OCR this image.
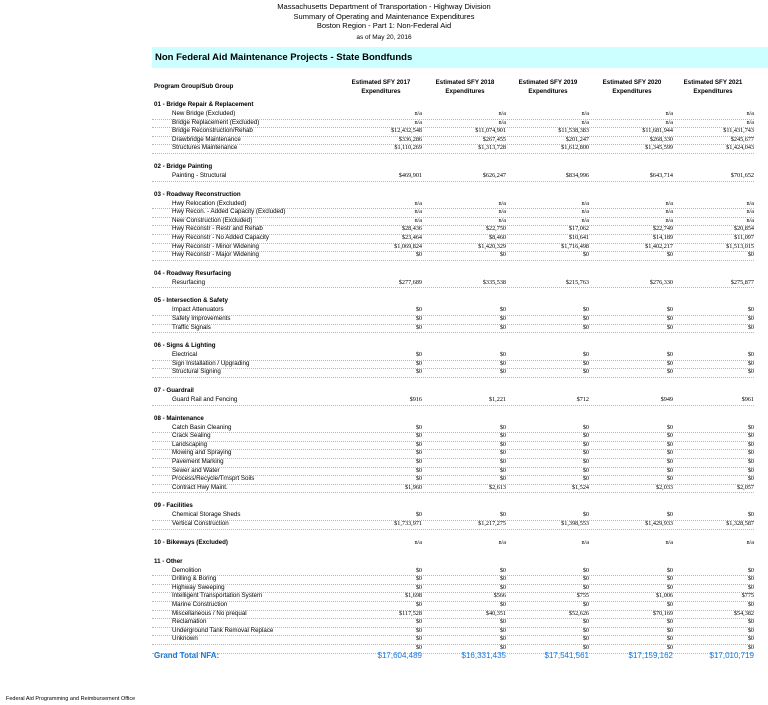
Massachusetts Department of Transportation - Highway Division
Summary of Operating and Maintenance Expenditures
Boston Region - Part 1: Non-Federal Aid
as of May 20, 2016
Non Federal Aid Maintenance Projects - State Bondfunds
Program Group/Sub Group
Estimated SFY 2017
Expenditures
Estimated SFY 2018
Expenditures
Estimated SFY 2019
Expenditures
Estimated SFY 2020
Expenditures
Estimated SFY 2021
Expenditures
01 - Bridge Repair & Replacement
New Bridge (Excluded)	n/a	n/a	n/a	n/a	n/a
Bridge Replacement (Excluded)	n/a	n/a	n/a	n/a	n/a
Bridge Reconstruction/Rehab	$12,432,548	$11,074,901	$11,538,383	$11,681,944	$11,431,743
Drawbridge Maintenance	$336,286	$267,455	$201,247	$268,330	$245,677
Structures Maintenance	$1,110,269	$1,313,728	$1,612,800	$1,345,599	$1,424,043
02 - Bridge Painting
Painting - Structural	$469,901	$626,247	$834,996	$643,714	$701,652
03 - Roadway Reconstruction
Hwy Relocation (Excluded)	n/a	n/a	n/a	n/a	n/a
Hwy Recon. - Added Capacity (Excluded)	n/a	n/a	n/a	n/a	n/a
New Construction (Excluded)	n/a	n/a	n/a	n/a	n/a
Hwy Reconstr - Restr and Rehab	$28,436	$22,750	$17,062	$22,749	$20,854
Hwy Reconstr - No Added Capacity	$23,464	$8,460	$10,641	$14,189	$11,097
Hwy Reconstr - Minor Widening	$1,069,824	$1,420,329	$1,716,498	$1,402,217	$1,513,015
Hwy Reconstr - Major Widening	$0	$0	$0	$0	$0
04 - Roadway Resurfacing
Resurfacing	$277,689	$335,538	$215,763	$276,330	$275,877
05 - Intersection & Safety
Impact Attenuators	$0	$0	$0	$0	$0
Safety Improvements	$0	$0	$0	$0	$0
Traffic Signals	$0	$0	$0	$0	$0
06 - Signs & Lighting
Electrical	$0	$0	$0	$0	$0
Sign Installation / Upgrading	$0	$0	$0	$0	$0
Structural Signing	$0	$0	$0	$0	$0
07 - Guardrail
Guard Rail and Fencing	$916	$1,221	$712	$949	$961
08 - Maintenance
Catch Basin Cleaning	$0	$0	$0	$0	$0
Crack Sealing	$0	$0	$0	$0	$0
Landscaping	$0	$0	$0	$0	$0
Mowing and Spraying	$0	$0	$0	$0	$0
Pavement Marking	$0	$0	$0	$0	$0
Sewer and Water	$0	$0	$0	$0	$0
Process/Recycle/Trnsprt Soils	$0	$0	$0	$0	$0
Contract Hwy Maint.	$1,960	$2,613	$1,524	$2,033	$2,057
09 - Facilities
Chemical Storage Sheds	$0	$0	$0	$0	$0
Vertical Construction	$1,733,971	$1,217,275	$1,398,553	$1,429,933	$1,328,587
10 - Bikeways (Excluded)	n/a	n/a	n/a	n/a	n/a
11 - Other
Demolition	$0	$0	$0	$0	$0
Drilling & Boring	$0	$0	$0	$0	$0
Highway Sweeping	$0	$0	$0	$0	$0
Intelligent Transportation System	$1,698	$566	$755	$1,006	$775
Marine Construction	$0	$0	$0	$0	$0
Miscellaneous / No prequal	$117,528	$40,351	$52,626	$70,169	$54,382
Reclamation	$0	$0	$0	$0	$0
Underground Tank Removal Replace	$0	$0	$0	$0	$0
Unknown	$0	$0	$0	$0	$0
$0	$0	$0	$0	$0
Grand Total NFA:	$17,604,489	$16,331,435	$17,541,561	$17,159,162	$17,010,719
Federal Aid Programming and Reimbursement Office
